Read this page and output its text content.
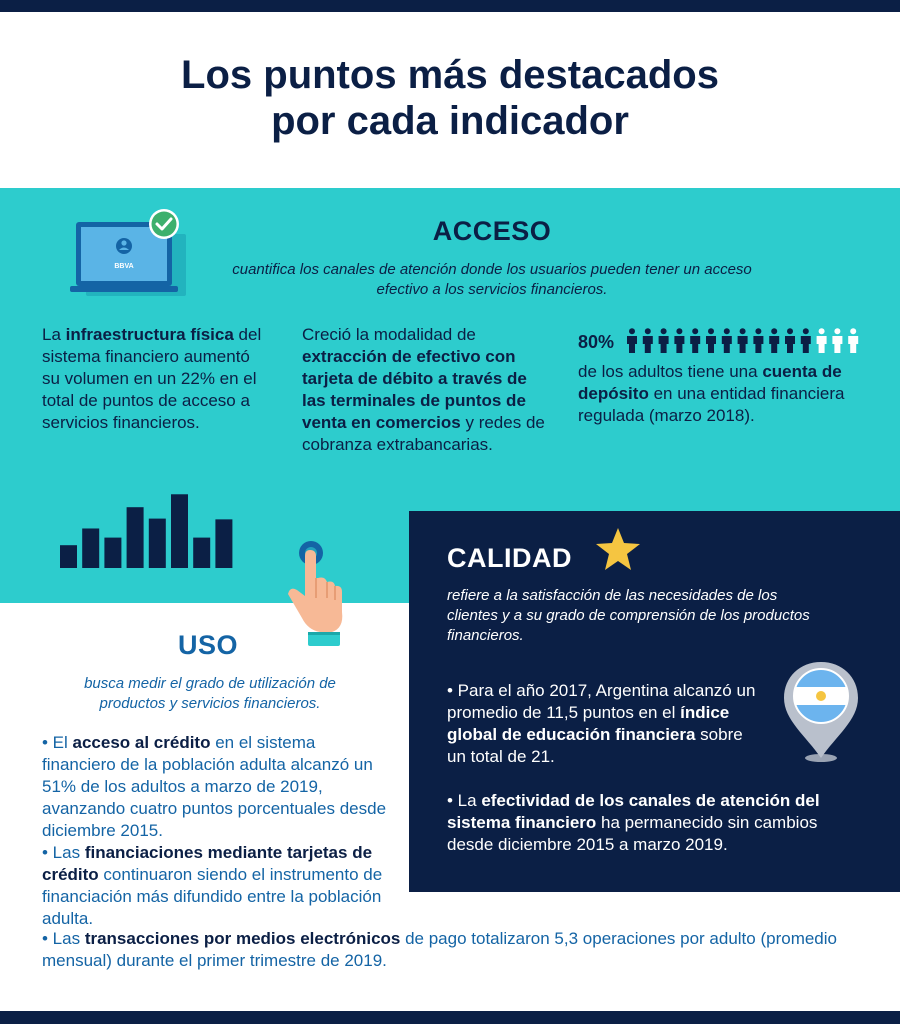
Los puntos más destacados
por cada indicador
BBVA
ACCESO
cuantifica los canales de atención donde los usuarios pueden tener un acceso efectivo a los servicios financieros.
La infraestructura física del sistema financiero aumentó su volumen en un 22% en el total de puntos de acceso a servicios financieros.
Creció la modalidad de extracción de efectivo con tarjeta de débito a través de las terminales de puntos de venta en comercios y redes de cobranza extrabancarias.
80%
de los adultos tiene una cuenta de depósito en una entidad financiera regulada (marzo 2018).
USO
busca medir el grado de utilización de productos y servicios financieros.
• El acceso al crédito en el sistema financiero de la población adulta alcanzó un 51% de los adultos a marzo de 2019, avanzando cuatro puntos porcentuales desde diciembre 2015.
• Las financiaciones mediante tarjetas de crédito continuaron siendo el instrumento de financiación más difundido entre la población adulta.
• Las transacciones por medios electrónicos de pago totalizaron 5,3 operaciones por adulto (promedio mensual) durante el primer trimestre de 2019.
CALIDAD
refiere a la satisfacción de las necesidades de los clientes y a su grado de comprensión de los productos financieros.
• Para el año 2017, Argentina alcanzó un promedio de 11,5 puntos en el índice global de educación financiera sobre un total de 21.
• La efectividad de los canales de atención del sistema financiero ha permanecido sin cambios desde diciembre 2015 a marzo 2019.
